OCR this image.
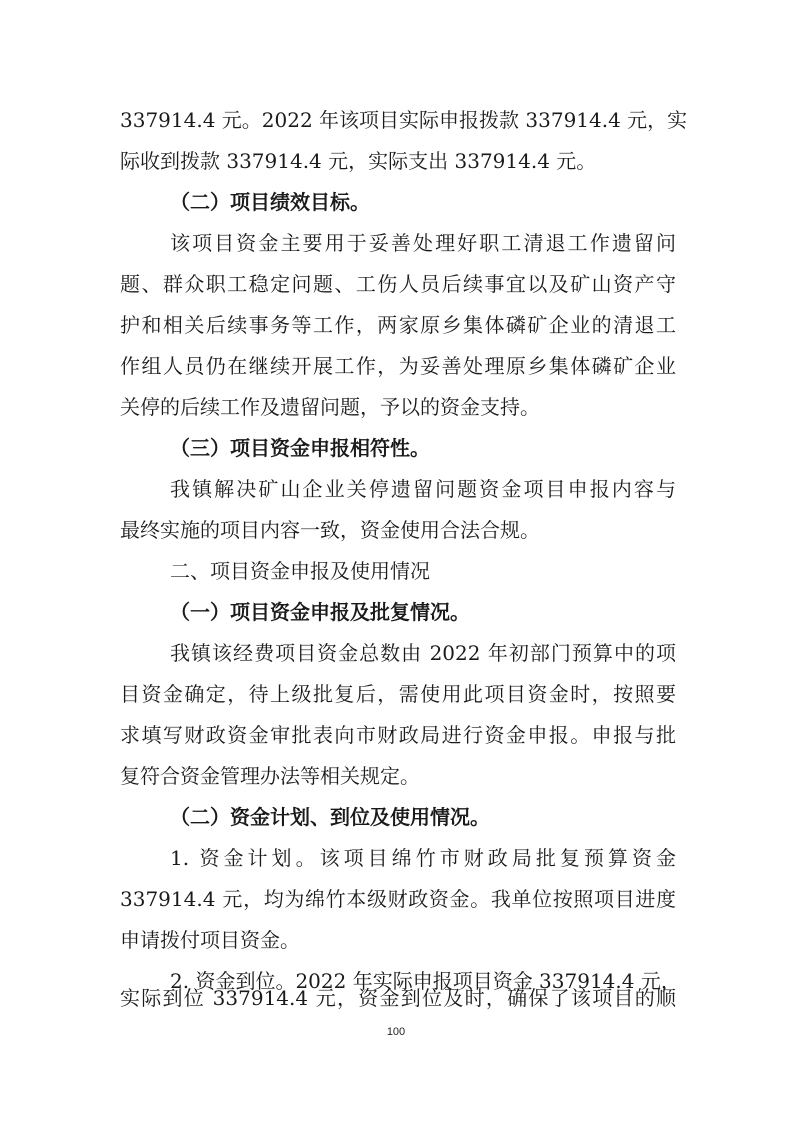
337914.4 元。2022 年该项目实际申报拨款 337914.4 元，实
际收到拨款 337914.4 元，实际支出 337914.4 元。
（二）项目绩效目标。
该项目资金主要用于妥善处理好职工清退工作遗留问
题、群众职工稳定问题、工伤人员后续事宜以及矿山资产守
护和相关后续事务等工作，两家原乡集体磷矿企业的清退工
作组人员仍在继续开展工作，为妥善处理原乡集体磷矿企业
关停的后续工作及遗留问题，予以的资金支持。
（三）项目资金申报相符性。
我镇解决矿山企业关停遗留问题资金项目申报内容与
最终实施的项目内容一致，资金使用合法合规。
二、项目资金申报及使用情况
（一）项目资金申报及批复情况。
我镇该经费项目资金总数由 2022 年初部门预算中的项
目资金确定，待上级批复后，需使用此项目资金时，按照要
求填写财政资金审批表向市财政局进行资金申报。申报与批
复符合资金管理办法等相关规定。
（二）资金计划、到位及使用情况。
1. 资金计划。该项目绵竹市财政局批复预算资金
337914.4 元，均为绵竹本级财政资金。我单位按照项目进度
申请拨付项目资金。
2. 资金到位。2022 年实际申报项目资金 337914.4 元，
实际到位 337914.4 元，资金到位及时，确保了该项目的顺
100
